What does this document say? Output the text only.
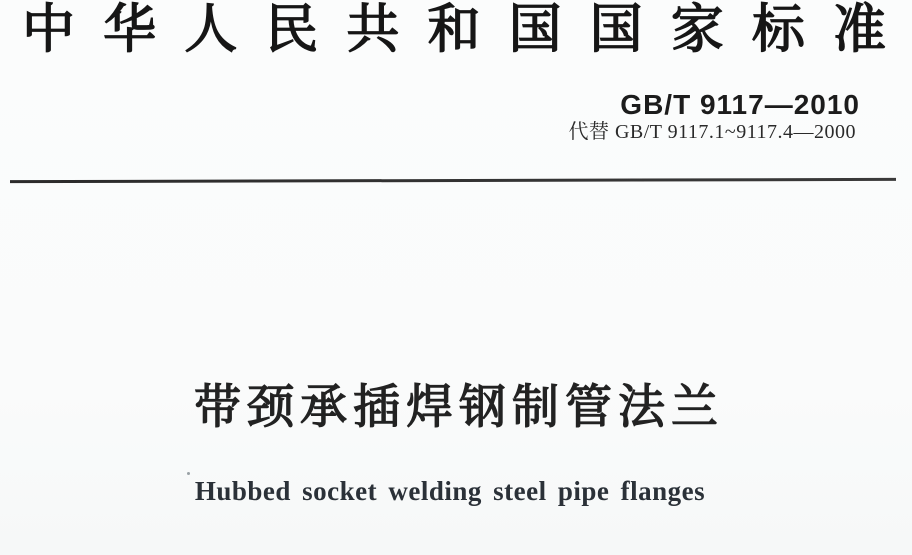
中 华 人 民 共 和 国 国 家 标 准
GB/T 9117—2010
代替 GB/T 9117.1~9117.4—2000
带 颈 承 插 焊 钢 制 管 法 兰
Hubbed socket welding steel pipe flanges
